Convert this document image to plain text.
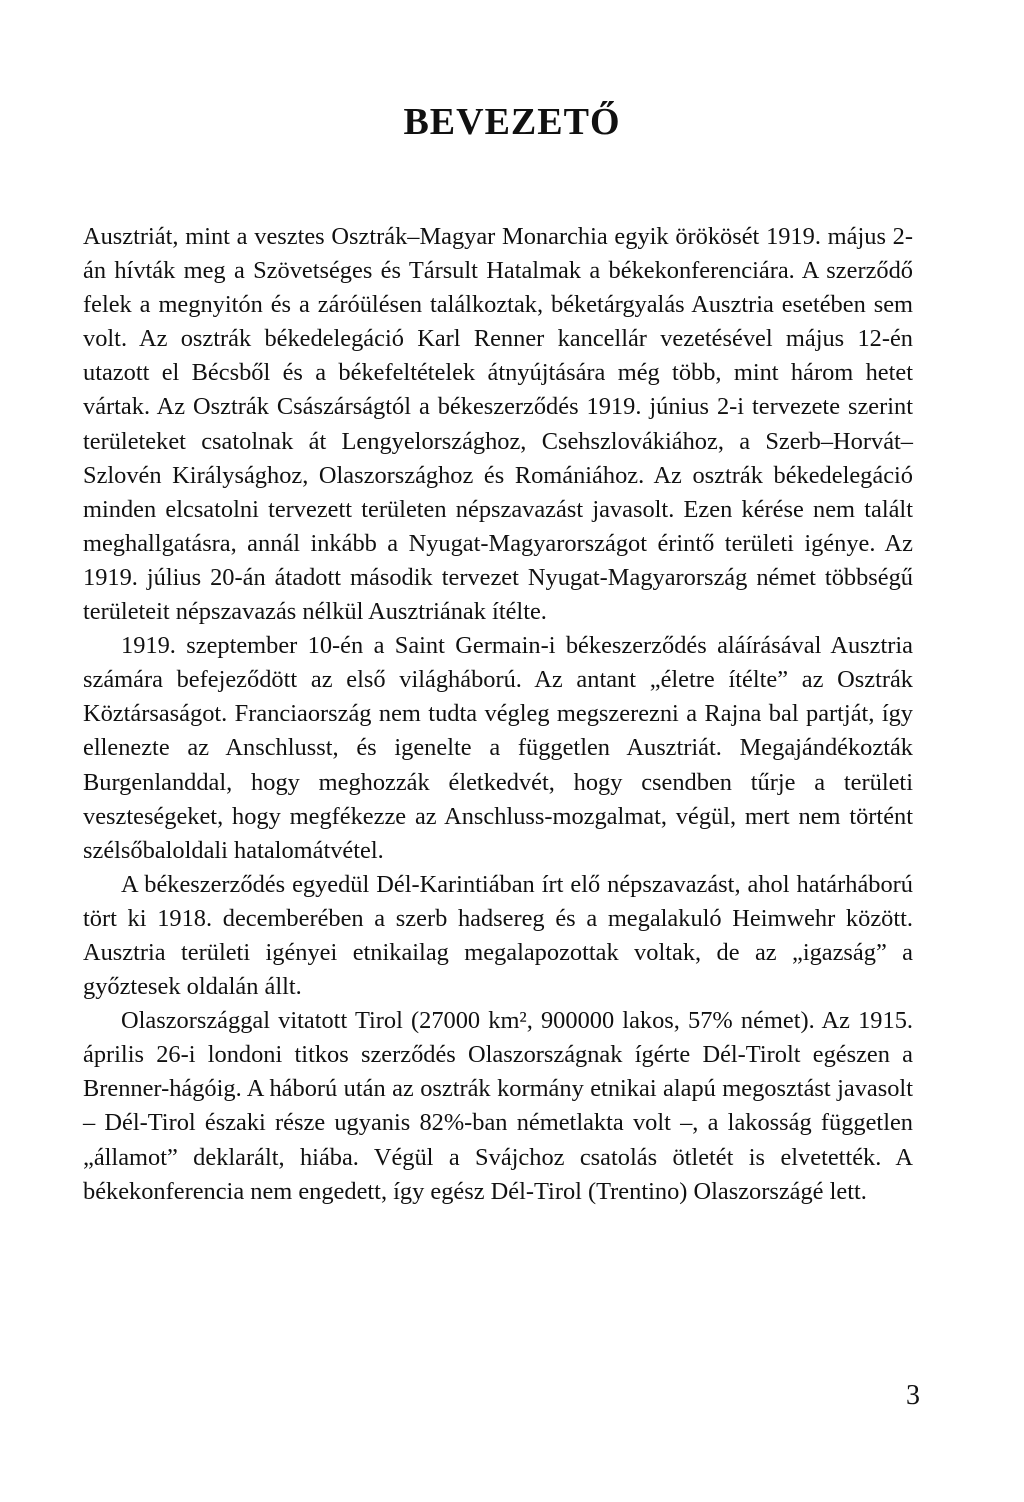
BEVEZETŐ

Ausztriát, mint a vesztes Osztrák–Magyar Monarchia egyik örökösét 1919. május 2-án hívták meg a Szövetséges és Társult Hatalmak a békekonferenciára. A szerződő felek a megnyitón és a záróülésen találkoztak, béketárgyalás Ausztria esetében sem volt. Az osztrák békedelegáció Karl Renner kancellár vezetésével május 12-én utazott el Bécsből és a békefeltételek átnyújtására még több, mint három hetet vártak. Az Osztrák Császárságtól a békeszerződés 1919. június 2-i tervezete szerint területeket csatolnak át Lengyelországhoz, Csehszlovákiához, a Szerb–Horvát–Szlovén Királysághoz, Olaszországhoz és Romániához. Az osztrák békedelegáció minden elcsatolni tervezett területen népszavazást javasolt. Ezen kérése nem talált meghallgatásra, annál inkább a Nyugat-Magyarországot érintő területi igénye. Az 1919. július 20-án átadott második tervezet Nyugat-Magyarország német többségű területeit népszavazás nélkül Ausztriának ítélte.

1919. szeptember 10-én a Saint Germain-i békeszerződés aláírásával Ausztria számára befejeződött az első világháború. Az antant „életre ítélte” az Osztrák Köztársaságot. Franciaország nem tudta végleg megszerezni a Rajna bal partját, így ellenezte az Anschlusst, és igenelte a független Ausztriát. Megajándékozták Burgenlanddal, hogy meghozzák életkedvét, hogy csendben tűrje a területi veszteségeket, hogy megfékezze az Anschluss-mozgalmat, végül, mert nem történt szélsőbaloldali hatalomátvétel.

A békeszerződés egyedül Dél-Karintiában írt elő népszavazást, ahol határháború tört ki 1918. decemberében a szerb hadsereg és a megalakuló Heimwehr között. Ausztria területi igényei etnikailag megalapozottak voltak, de az „igazság” a győztesek oldalán állt.

Olaszországgal vitatott Tirol (27000 km², 900000 lakos, 57% német). Az 1915. április 26-i londoni titkos szerződés Olaszországnak ígérte Dél-Tirolt egészen a Brenner-hágóig. A háború után az osztrák kormány etnikai alapú megosztást javasolt – Dél-Tirol északi része ugyanis 82%-ban németlakta volt –, a lakosság független „államot” deklarált, hiába. Végül a Svájchoz csatolás ötletét is elvetették. A békekonferencia nem engedett, így egész Dél-Tirol (Trentino) Olaszországé lett.

3
